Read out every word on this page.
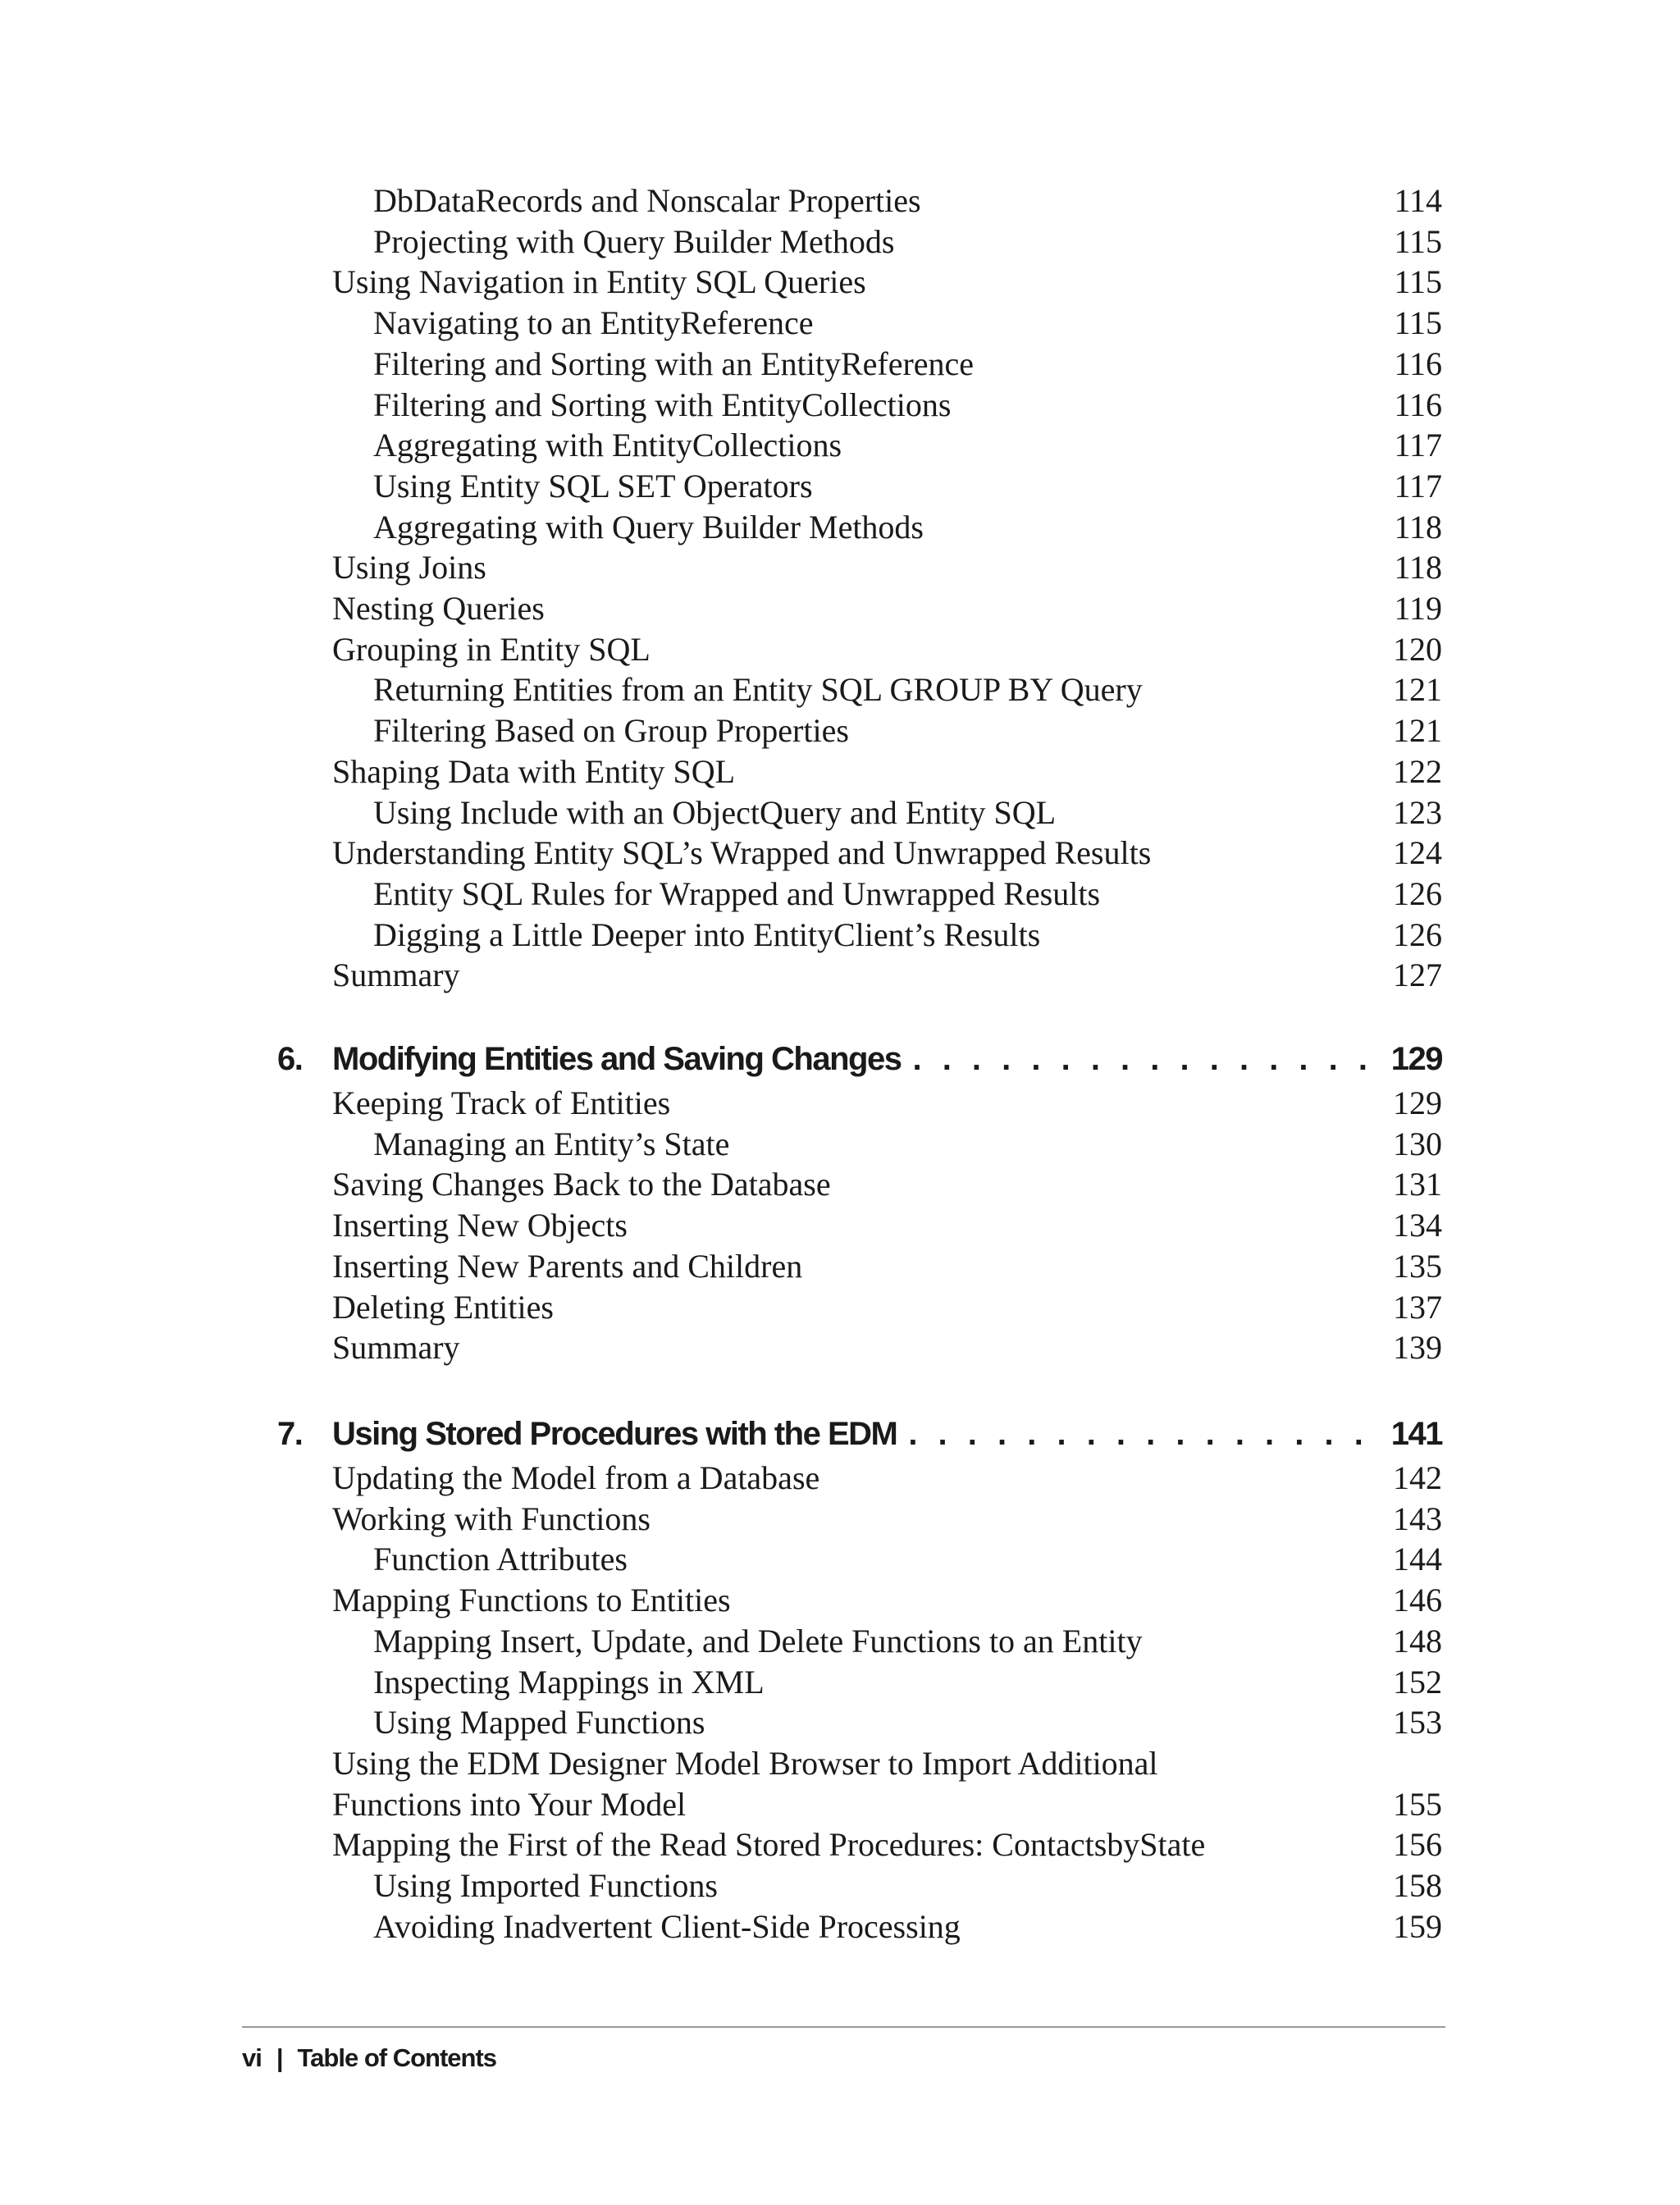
DbDataRecords and Nonscalar Properties	114
Projecting with Query Builder Methods	115
Using Navigation in Entity SQL Queries	115
Navigating to an EntityReference	115
Filtering and Sorting with an EntityReference	116
Filtering and Sorting with EntityCollections	116
Aggregating with EntityCollections	117
Using Entity SQL SET Operators	117
Aggregating with Query Builder Methods	118
Using Joins	118
Nesting Queries	119
Grouping in Entity SQL	120
Returning Entities from an Entity SQL GROUP BY Query	121
Filtering Based on Group Properties	121
Shaping Data with Entity SQL	122
Using Include with an ObjectQuery and Entity SQL	123
Understanding Entity SQL’s Wrapped and Unwrapped Results	124
Entity SQL Rules for Wrapped and Unwrapped Results	126
Digging a Little Deeper into EntityClient’s Results	126
Summary	127
6. Modifying Entities and Saving Changes . . .	129
Keeping Track of Entities	129
Managing an Entity’s State	130
Saving Changes Back to the Database	131
Inserting New Objects	134
Inserting New Parents and Children	135
Deleting Entities	137
Summary	139
7. Using Stored Procedures with the EDM . . .	141
Updating the Model from a Database	142
Working with Functions	143
Function Attributes	144
Mapping Functions to Entities	146
Mapping Insert, Update, and Delete Functions to an Entity	148
Inspecting Mappings in XML	152
Using Mapped Functions	153
Using the EDM Designer Model Browser to Import Additional
Functions into Your Model	155
Mapping the First of the Read Stored Procedures: ContactsbyState	156
Using Imported Functions	158
Avoiding Inadvertent Client-Side Processing	159
vi | Table of Contents
